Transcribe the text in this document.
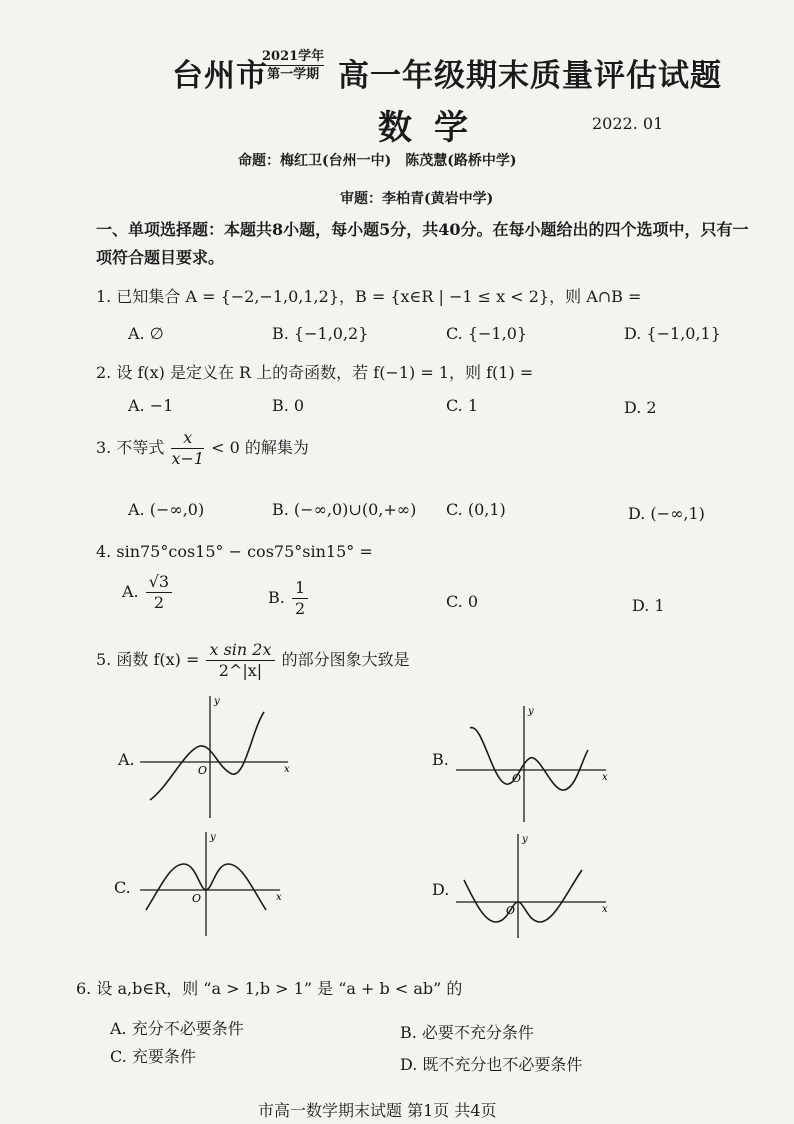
台州市
2021学年
第一学期 高一年级期末质量评估试题
数学	2022. 01
命题：梅红卫(台州一中)　陈茂慧(路桥中学)
审题：李柏青(黄岩中学)
一、单项选择题：本题共8小题，每小题5分，共40分。在每小题给出的四个选项中，只有一项符合题目要求。
1. 已知集合 A = {−2,−1,0,1,2}，B = {x∈R | −1 ≤ x < 2}，则 A∩B =
A. ∅	B. {−1,0,2}	C. {−1,0}	D. {−1,0,1}
2. 设 f(x) 是定义在 R 上的奇函数，若 f(−1) = 1，则 f(1) =
A. −1	B. 0	C. 1	D. 2
3. 不等式 $\frac{x}{x-1} < 0$ 的解集为
A. (−∞,0)	B. (−∞,0)∪(0,+∞) C. (0,1)	D. (−∞,1)
4. sin75°cos15° − cos75°sin15° =
A. $\frac{√3}{2}$	B. $\frac{1}{2}$	C. 0	D. 1
5. 函数 $f(x) = \frac{\text{x sin 2x}}{2\^{}|x|}$ 的部分图象大致是
A.
y
x
O
B.
y
x
O
C.
y
x
O	D.
y
x
O
6. 设 a,b∈R，则 “a > 1,b > 1” 是 “a + b < ab” 的
A. 充分不必要条件	B. 必要不充分条件
C. 充要条件	D. 既不充分也不必要条件
市高一数学期末试题 第1页 共4页
